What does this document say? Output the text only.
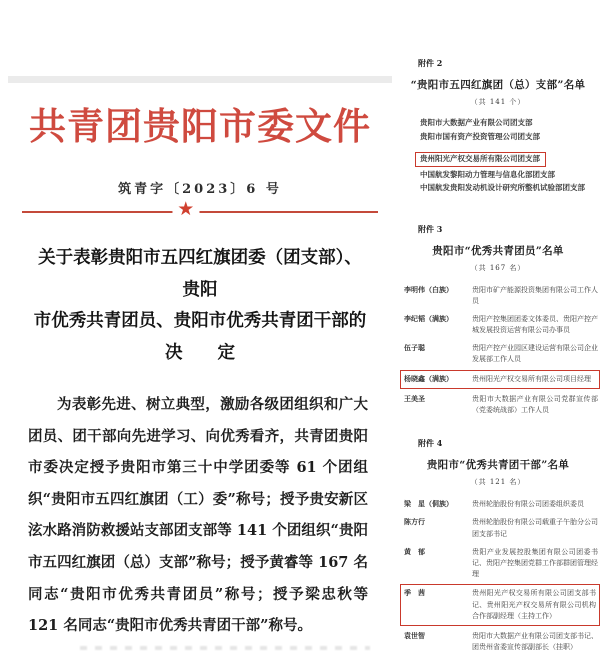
共青团贵阳市委文件
筑青字〔2023〕6 号
★
关于表彰贵阳市五四红旗团委（团支部）、贵阳
市优秀共青团员、贵阳市优秀共青团干部的
决　　定

为表彰先进、树立典型，激励各级团组织和广大团员、团干部向先进学习、向优秀看齐，共青团贵阳市委决定授予贵阳市第三十中学团委等 61 个团组织“贵阳市五四红旗团（工）委”称号；授予贵安新区泫水路消防救援站支部团支部等 141 个团组织“贵阳市五四红旗团（总）支部”称号；授予黄睿等 167 名同志“贵阳市优秀共青团员”称号；授予梁忠秋等 121 名同志“贵阳市优秀共青团干部”称号。

附件 2
“贵阳市五四红旗团（总）支部”名单
（共 141 个）
贵阳市大数据产业有限公司团支部
贵阳市国有资产投资管理公司团支部
贵州阳光产权交易所有限公司团支部
中国航发黎阳动力管理与信息化部团支部
中国航发贵阳发动机设计研究所整机试验部团支部
附件 3
贵阳市“优秀共青团员”名单
（共 167 名）
李明伟（白族）	贵阳市矿产能源投资集团有限公司工作人员
李纪韬（满族）	贵阳产控集团团委文体委员、贵阳产控产城发展投资运营有限公司办事员
伍子聪	贵阳产控产业园区建设运营有限公司企业发展部工作人员
杨晓鑫（满族）	贵州阳光产权交易所有限公司项目经理
王美圣	贵阳市大数据产业有限公司党群宣传部（党委统战部）工作人员
附件 4
贵阳市“优秀共青团干部”名单
（共 121 名）
梁　星（侗族）	贵州轮胎股份有限公司团委组织委员
陈方行	贵州轮胎股份有限公司载重子午胎分公司团支部书记
黄　郁	贵阳产业发展控股集团有限公司团委书记、贵阳产控集团党群工作部群团管理经理
季　茜	贵州阳光产权交易所有限公司团支部书记、贵州阳光产权交易所有限公司机构合作部副经理（主持工作）
袁世智	贵阳市大数据产业有限公司团支部书记、团贵州省委宣传部副部长（挂职）
